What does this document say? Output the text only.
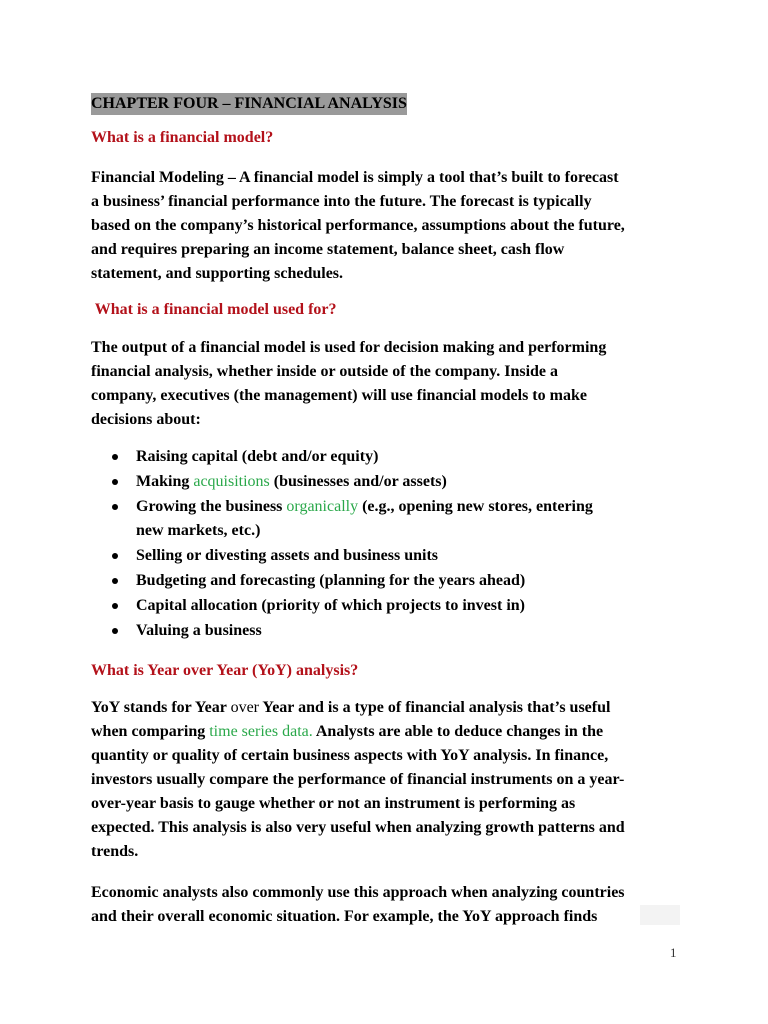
CHAPTER FOUR – FINANCIAL ANALYSIS
What is a financial model?
Financial Modeling – A financial model is simply a tool that’s built to forecast
a business’ financial performance into the future. The forecast is typically
based on the company’s historical performance, assumptions about the future,
and requires preparing an income statement, balance sheet, cash flow
statement, and supporting schedules.
What is a financial model used for?
The output of a financial model is used for decision making and performing
financial analysis, whether inside or outside of the company. Inside a
company, executives (the management) will use financial models to make
decisions about:
Raising capital (debt and/or equity)
Making acquisitions (businesses and/or assets)
Growing the business organically (e.g., opening new stores, entering
new markets, etc.)
Selling or divesting assets and business units
Budgeting and forecasting (planning for the years ahead)
Capital allocation (priority of which projects to invest in)
Valuing a business
What is Year over Year (YoY) analysis?
YoY stands for Year over Year and is a type of financial analysis that’s useful
when comparing time series data. Analysts are able to deduce changes in the
quantity or quality of certain business aspects with YoY analysis. In finance,
investors usually compare the performance of financial instruments on a year-
over-year basis to gauge whether or not an instrument is performing as
expected. This analysis is also very useful when analyzing growth patterns and
trends.
Economic analysts also commonly use this approach when analyzing countries
and their overall economic situation. For example, the YoY approach finds
1
